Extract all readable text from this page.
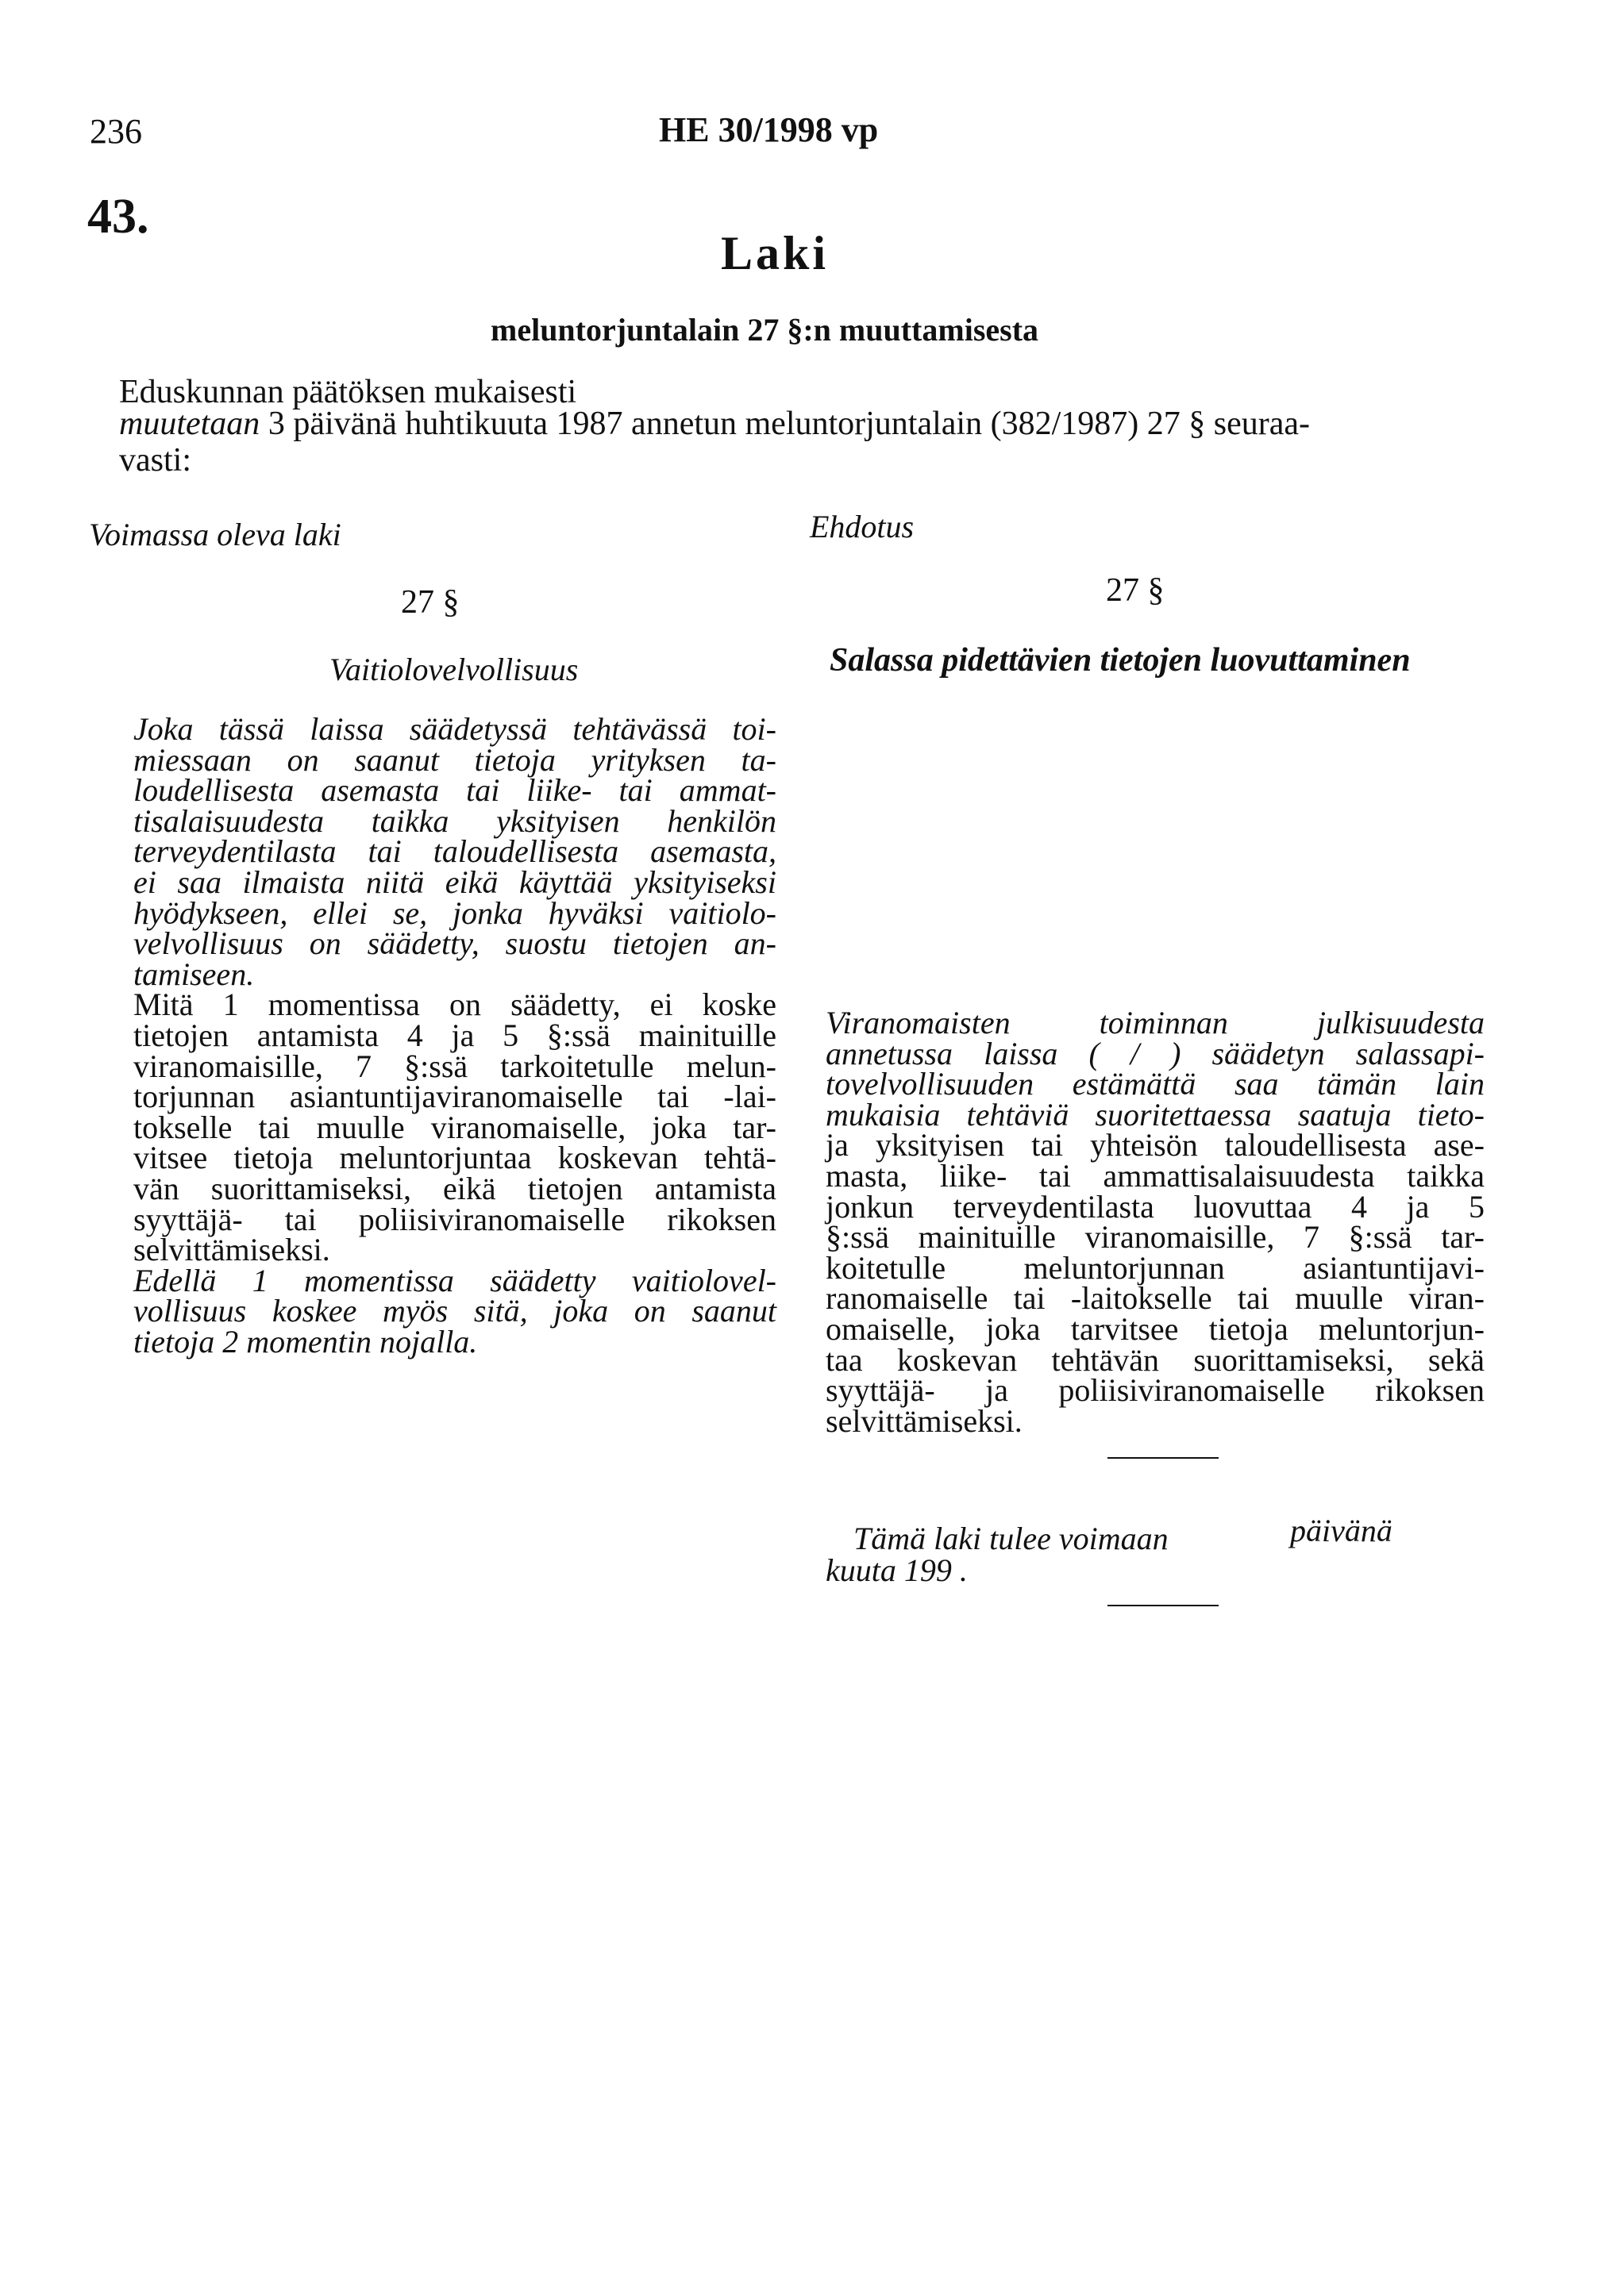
236	HE 30/1998 vp
43.
Laki
meluntorjuntalain 27 §:n muuttamisesta
Eduskunnan päätöksen mukaisesti
muutetaan 3 päivänä huhtikuuta 1987 annetun meluntorjuntalain (382/1987) 27 § seuraa-
vasti:
Voimassa oleva laki	Ehdotus
27 §	27 §
Vaitiolovelvollisuus	Salassa pidettävien tietojen luovuttaminen
Joka tässä laissa säädetyssä tehtävässä toi-
miessaan on saanut tietoja yrityksen ta-
loudellisesta asemasta tai liike- tai ammat-
tisalaisuudesta taikka yksityisen henkilön
terveydentilasta tai taloudellisesta asemasta,
ei saa ilmaista niitä eikä käyttää yksityiseksi
hyödykseen, ellei se, jonka hyväksi vaitiolo-
velvollisuus on säädetty, suostu tietojen an-
tamiseen.
Mitä 1 momentissa on säädetty, ei koske
tietojen antamista 4 ja 5 §:ssä mainituille
viranomaisille, 7 §:ssä tarkoitetulle melun-
torjunnan asiantuntijaviranomaiselle tai -lai-
tokselle tai muulle viranomaiselle, joka tar-
vitsee tietoja meluntorjuntaa koskevan tehtä-
vän suorittamiseksi, eikä tietojen antamista
syyttäjä- tai poliisiviranomaiselle rikoksen
selvittämiseksi.
Edellä 1 momentissa säädetty vaitiolovel-
vollisuus koskee myös sitä, joka on saanut
tietoja 2 momentin nojalla.
Viranomaisten toiminnan julkisuudesta
annetussa laissa ( / ) säädetyn salassapi-
tovelvollisuuden estämättä saa tämän lain
mukaisia tehtäviä suoritettaessa saatuja tieto-
ja yksityisen tai yhteisön taloudellisesta ase-
masta, liike- tai ammattisalaisuudesta taikka
jonkun terveydentilasta luovuttaa 4 ja 5
§:ssä mainituille viranomaisille, 7 §:ssä tar-
koitetulle meluntorjunnan asiantuntijavi-
ranomaiselle tai -laitokselle tai muulle viran-
omaiselle, joka tarvitsee tietoja meluntorjun-
taa koskevan tehtävän suorittamiseksi, sekä
syyttäjä- ja poliisiviranomaiselle rikoksen
selvittämiseksi.
Tämä laki tulee voimaan	päivänä
kuuta 199 .
